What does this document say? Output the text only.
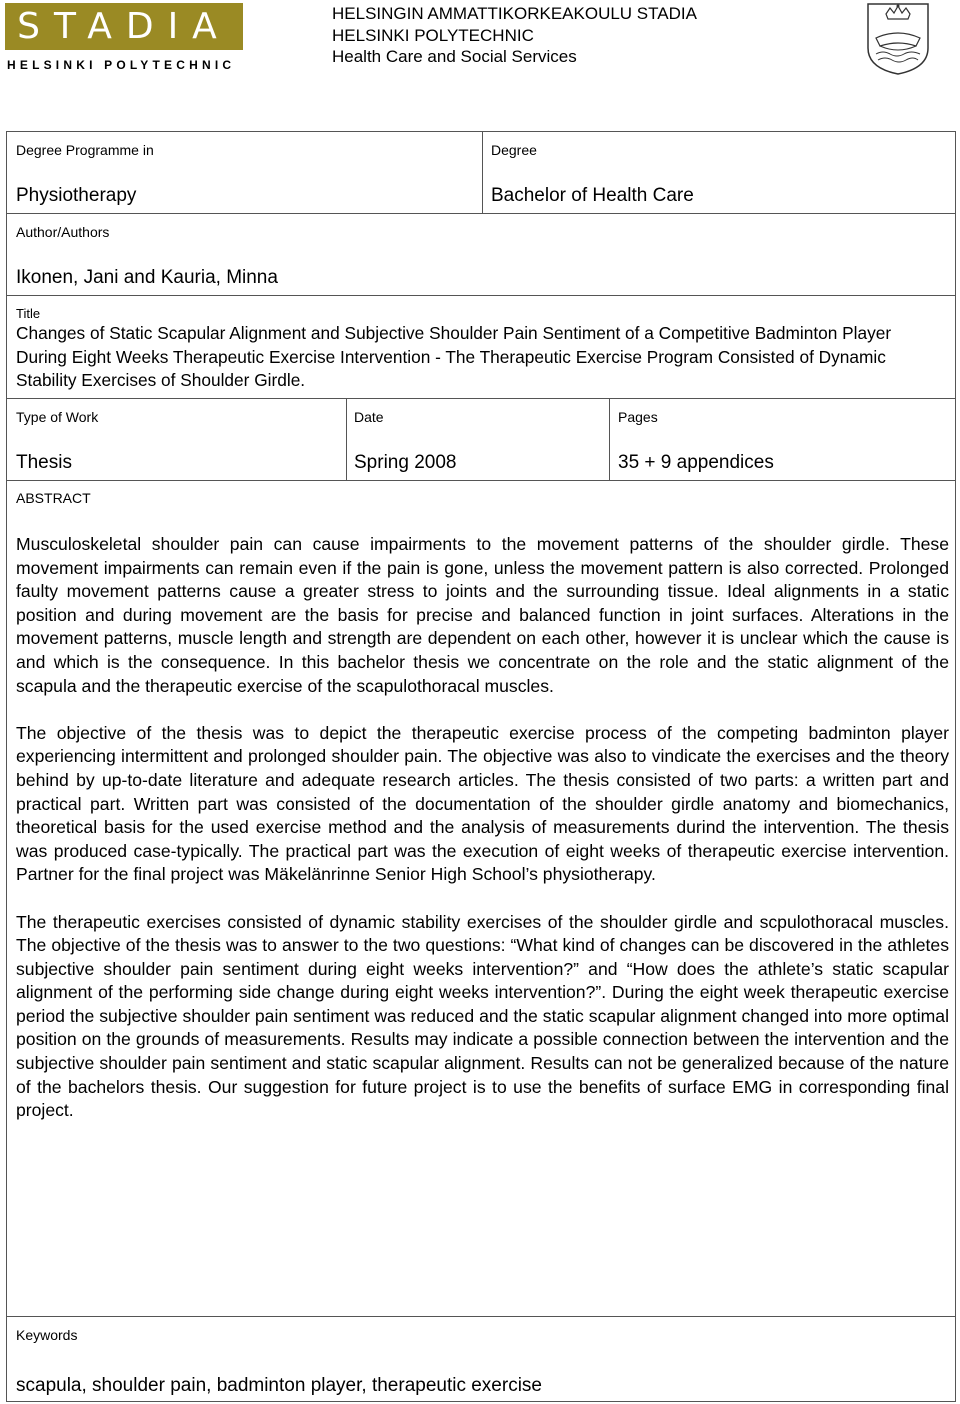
STADIA
HELSINKI POLYTECHNIC
HELSINGIN AMMATTIKORKEAKOULU STADIA
HELSINKI POLYTECHNIC
Health Care and Social Services
Degree Programme in
Physiotherapy
Degree
Bachelor of Health Care
Author/Authors
Ikonen, Jani and Kauria, Minna
Title
Changes of Static Scapular Alignment and Subjective Shoulder Pain Sentiment of a Competitive Badminton Player During Eight Weeks Therapeutic Exercise Intervention - The Therapeutic Exercise Program Consisted of Dynamic Stability Exercises of Shoulder Girdle.
Type of Work
Thesis
Date
Spring 2008
Pages
35 + 9 appendices
ABSTRACT

Musculoskeletal shoulder pain can cause impairments to the movement patterns of the shoulder girdle. These movement impairments can remain even if the pain is gone, unless the movement pattern is also corrected. Prolonged faulty movement patterns cause a greater stress to joints and the surrounding tissue. Ideal alignments in a static position and during movement are the basis for precise and balanced function in joint surfaces. Alterations in the movement patterns, muscle length and strength are dependent on each other, however it is unclear which the cause is and which is the consequence. In this bachelor thesis we concentrate on the role and the static alignment of the scapula and the therapeutic exercise of the scapulothoracal muscles.

The objective of the thesis was to depict the therapeutic exercise process of the competing badminton player experiencing intermittent and prolonged shoulder pain. The objective was also to vindicate the exercises and the theory behind by up-to-date literature and adequate research articles. The thesis consisted of two parts: a written part and practical part. Written part was consisted of the documentation of the shoulder girdle anatomy and biomechanics, theoretical basis for the used exercise method and the analysis of measurements durind the intervention. The thesis was produced case-typically. The practical part was the execution of eight weeks of therapeutic exercise intervention. Partner for the final project was Mäkelänrinne Senior High School’s physiotherapy.

The therapeutic exercises consisted of dynamic stability exercises of the shoulder girdle and scpulothoracal muscles. The objective of the thesis was to answer to the two questions: “What kind of changes can be discovered in the athletes subjective shoulder pain sentiment during eight weeks intervention?” and “How does the athlete’s static scapular alignment of the performing side change during eight weeks intervention?”. During the eight week therapeutic exercise period the subjective shoulder pain sentiment was reduced and the static scapular alignment changed into more optimal position on the grounds of measurements. Results may indicate a possible connection between the intervention and the subjective shoulder pain sentiment and static scapular alignment. Results can not be generalized because of the nature of the bachelors thesis. Our suggestion for future project is to use the benefits of surface EMG in corresponding final project.

Keywords
scapula, shoulder pain, badminton player, therapeutic exercise
